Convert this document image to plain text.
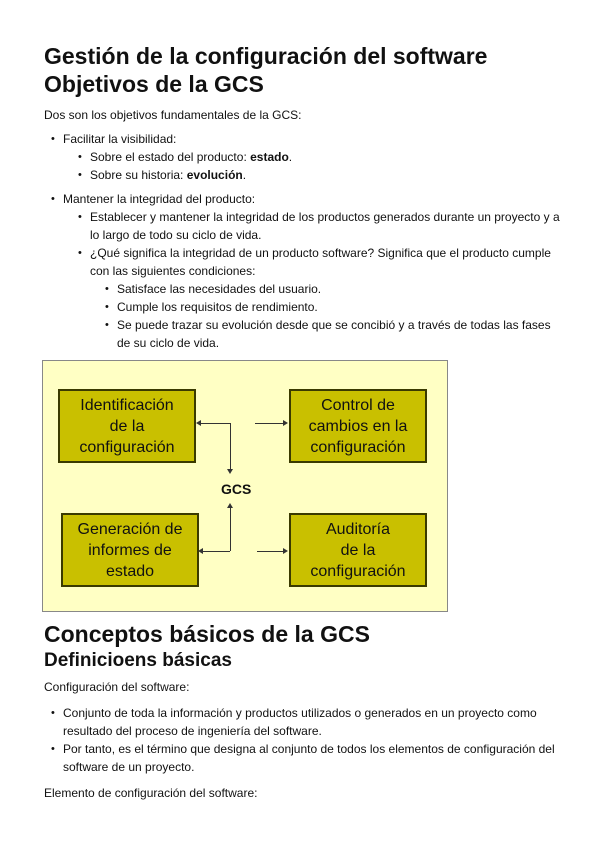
Gestión de la configuración del software
Objetivos de la GCS

Dos son los objetivos fundamentales de la GCS:

• Facilitar la visibilidad:
• Sobre el estado del producto: estado.
• Sobre su historia: evolución.
• Mantener la integridad del producto:
• Establecer y mantener la integridad de los productos generados durante un proyecto y a lo largo de todo su ciclo de vida.
• ¿Qué significa la integridad de un producto software? Significa que el producto cumple con las siguientes condiciones:
• Satisface las necesidades del usuario.
• Cumple los requisitos de rendimiento.
• Se puede trazar su evolución desde que se concibió y a través de todas las fases de su ciclo de vida.
Identificación
de la
configuración
Control de
cambios en la
configuración
Generación de
informes de
estado
Auditoría
de la
configuración
GCS
Conceptos básicos de la GCS
Definicioens básicas

Configuración del software:

• Conjunto de toda la información y productos utilizados o generados en un proyecto como resultado del proceso de ingeniería del software.
• Por tanto, es el término que designa al conjunto de todos los elementos de configuración del software de un proyecto.

Elemento de configuración del software:
